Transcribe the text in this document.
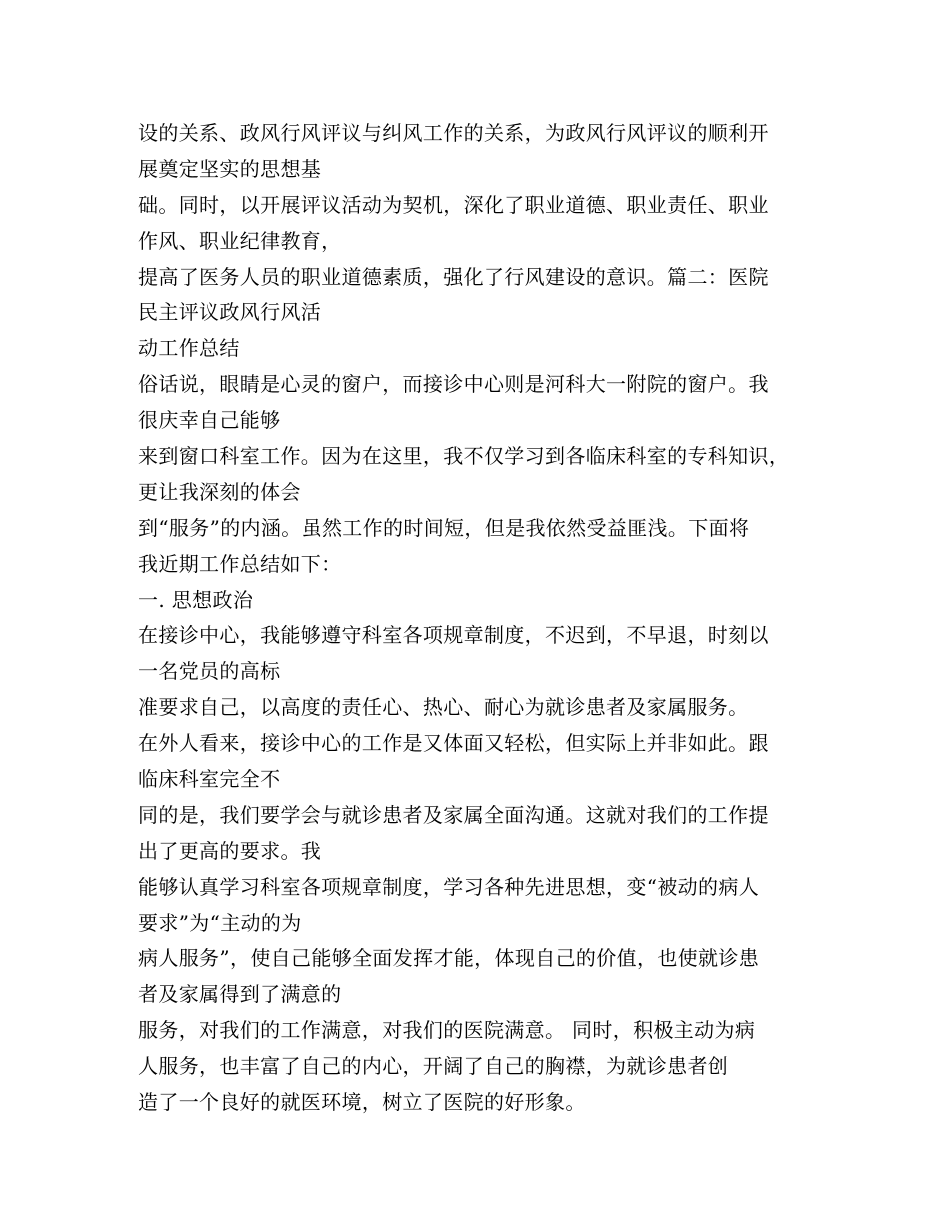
设的关系、政风行风评议与纠风工作的关系，为政风行风评议的顺利开
展奠定坚实的思想基
础。同时，以开展评议活动为契机，深化了职业道德、职业责任、职业
作风、职业纪律教育，
提高了医务人员的职业道德素质，强化了行风建设的意识。篇二：医院
民主评议政风行风活
动工作总结
俗话说，眼睛是心灵的窗户，而接诊中心则是河科大一附院的窗户。我
很庆幸自己能够
来到窗口科室工作。因为在这里，我不仅学习到各临床科室的专科知识，
更让我深刻的体会
到“服务”的内涵。虽然工作的时间短，但是我依然受益匪浅。下面将
我近期工作总结如下：
一. 思想政治
在接诊中心，我能够遵守科室各项规章制度，不迟到，不早退，时刻以
一名党员的高标
准要求自己，以高度的责任心、热心、耐心为就诊患者及家属服务。
在外人看来，接诊中心的工作是又体面又轻松，但实际上并非如此。跟
临床科室完全不
同的是，我们要学会与就诊患者及家属全面沟通。这就对我们的工作提
出了更高的要求。我
能够认真学习科室各项规章制度，学习各种先进思想，变“被动的病人
要求”为“主动的为
病人服务”，使自己能够全面发挥才能，体现自己的价值，也使就诊患
者及家属得到了满意的
服务，对我们的工作满意，对我们的医院满意。 同时，积极主动为病
人服务，也丰富了自己的内心，开阔了自己的胸襟，为就诊患者创
造了一个良好的就医环境，树立了医院的好形象。
